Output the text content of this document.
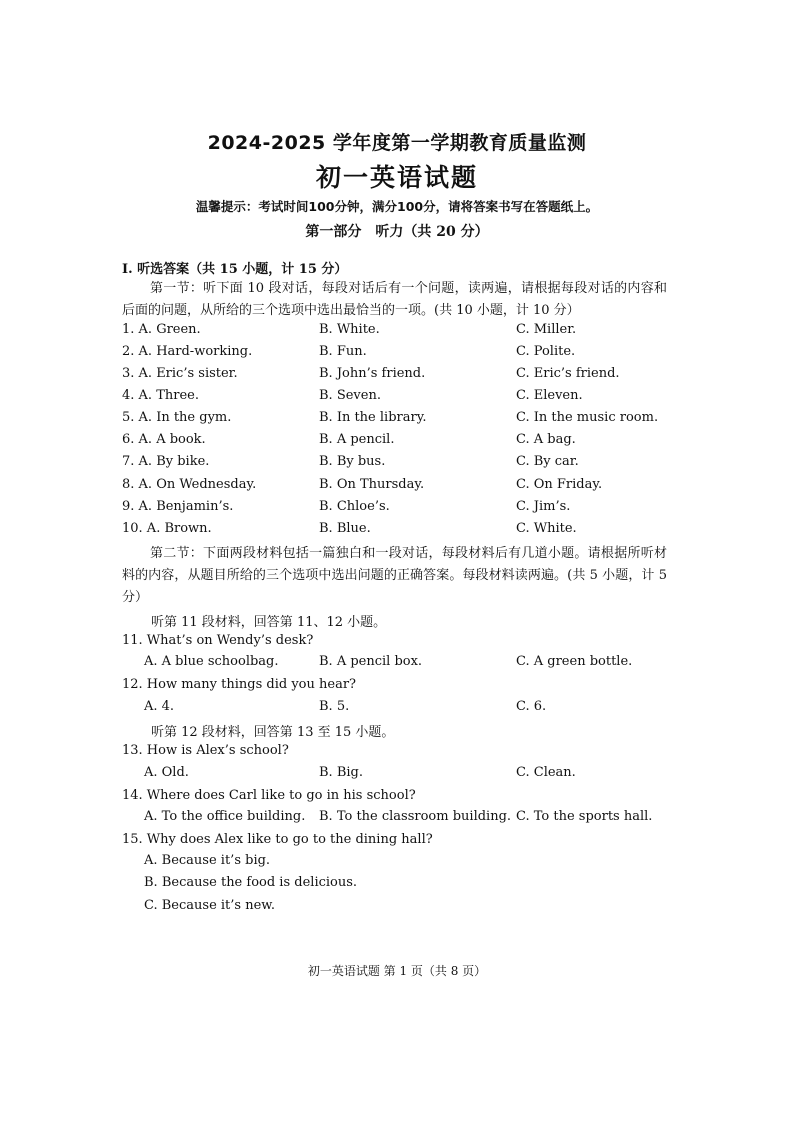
2024-2025 学年度第一学期教育质量监测
初一英语试题
温馨提示：考试时间100分钟，满分100分，请将答案书写在答题纸上。
第一部分　听力（共 20 分）
I. 听选答案（共 15 小题，计 15 分）
第一节：听下面 10 段对话，每段对话后有一个问题，读两遍，请根据每段对话的内容和后面的问题，从所给的三个选项中选出最恰当的一项。(共 10 小题，计 10 分）
1. A. Green.	B. White.	C. Miller.
2. A. Hard-working.	B. Fun.	C. Polite.
3. A. Eric’s sister.	B. John’s friend.	C. Eric’s friend.
4. A. Three.	B. Seven.	C. Eleven.
5. A. In the gym.	B. In the library.	C. In the music room.
6. A. A book.	B. A pencil.	C. A bag.
7. A. By bike.	B. By bus.	C. By car.
8. A. On Wednesday.	B. On Thursday.	C. On Friday.
9. A. Benjamin’s.	B. Chloe’s.	C. Jim’s.
10. A. Brown.	B. Blue.	C. White.
第二节：下面两段材料包括一篇独白和一段对话，每段材料后有几道小题。请根据所听材料的内容，从题目所给的三个选项中选出问题的正确答案。每段材料读两遍。(共 5 小题，计 5 分）
听第 11 段材料，回答第 11、12 小题。
11. What’s on Wendy’s desk?
A. A blue schoolbag.	B. A pencil box.	C. A green bottle.
12. How many things did you hear?
A. 4.	B. 5.	C. 6.
听第 12 段材料，回答第 13 至 15 小题。
13. How is Alex’s school?
A. Old.	B. Big.	C. Clean.
14. Where does Carl like to go in his school?
A. To the office building. B. To the classroom building. C. To the sports hall.
15. Why does Alex like to go to the dining hall?
A. Because it’s big.
B. Because the food is delicious.
C. Because it’s new.
初一英语试题 第 1 页（共 8 页）
